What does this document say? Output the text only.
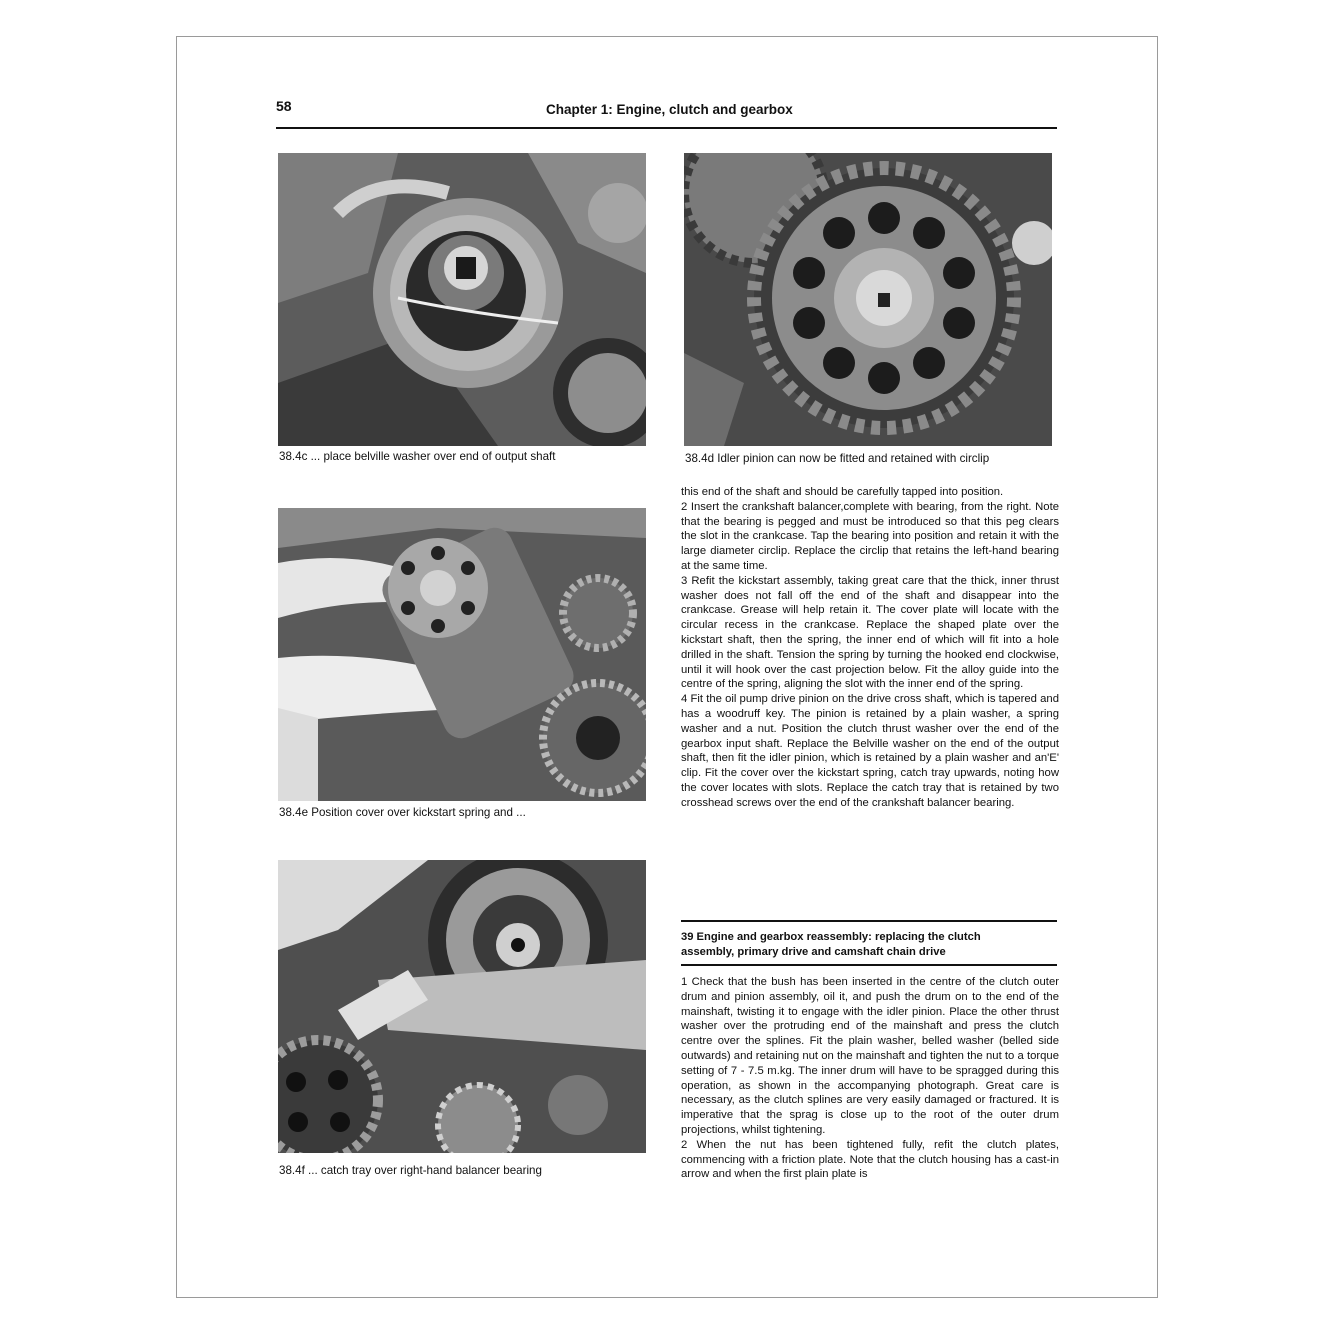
58	Chapter 1: Engine, clutch and gearbox
38.4c ... place belville washer over end of output shaft	38.4d Idler pinion can now be fitted and retained with circlip
38.4e Position cover over kickstart spring and ...
38.4f ... catch tray over right-hand balancer bearing

this end of the shaft and should be carefully tapped into position.

2 Insert the crankshaft balancer,complete with bearing, from the right. Note that the bearing is pegged and must be introduced so that this peg clears the slot in the crankcase. Tap the bearing into position and retain it with the large diameter circlip. Replace the circlip that retains the left-hand bearing at the same time.

3 Refit the kickstart assembly, taking great care that the thick, inner thrust washer does not fall off the end of the shaft and disappear into the crankcase. Grease will help retain it. The cover plate will locate with the circular recess in the crankcase. Replace the shaped plate over the kickstart shaft, then the spring, the inner end of which will fit into a hole drilled in the shaft. Tension the spring by turning the hooked end clockwise, until it will hook over the cast projection below. Fit the alloy guide into the centre of the spring, aligning the slot with the inner end of the spring.

4 Fit the oil pump drive pinion on the drive cross shaft, which is tapered and has a woodruff key. The pinion is retained by a plain washer, a spring washer and a nut. Position the clutch thrust washer over the end of the gearbox input shaft. Replace the Belville washer on the end of the output shaft, then fit the idler pinion, which is retained by a plain washer and an'E' clip. Fit the cover over the kickstart spring, catch tray upwards, noting how the cover locates with slots. Replace the catch tray that is retained by two crosshead screws over the end of the crankshaft balancer bearing.

39 Engine and gearbox reassembly: replacing the clutch
assembly, primary drive and camshaft chain drive

1 Check that the bush has been inserted in the centre of the clutch outer drum and pinion assembly, oil it, and push the drum on to the end of the mainshaft, twisting it to engage with the idler pinion. Place the other thrust washer over the protruding end of the mainshaft and press the clutch centre over the splines. Fit the plain washer, belled washer (belled side outwards) and retaining nut on the mainshaft and tighten the nut to a torque setting of 7 - 7.5 m.kg. The inner drum will have to be spragged during this operation, as shown in the accompanying photograph. Great care is necessary, as the clutch splines are very easily damaged or fractured. It is imperative that the sprag is close up to the root of the outer drum projections, whilst tightening.

2 When the nut has been tightened fully, refit the clutch plates, commencing with a friction plate. Note that the clutch housing has a cast-in arrow and when the first plain plate is
